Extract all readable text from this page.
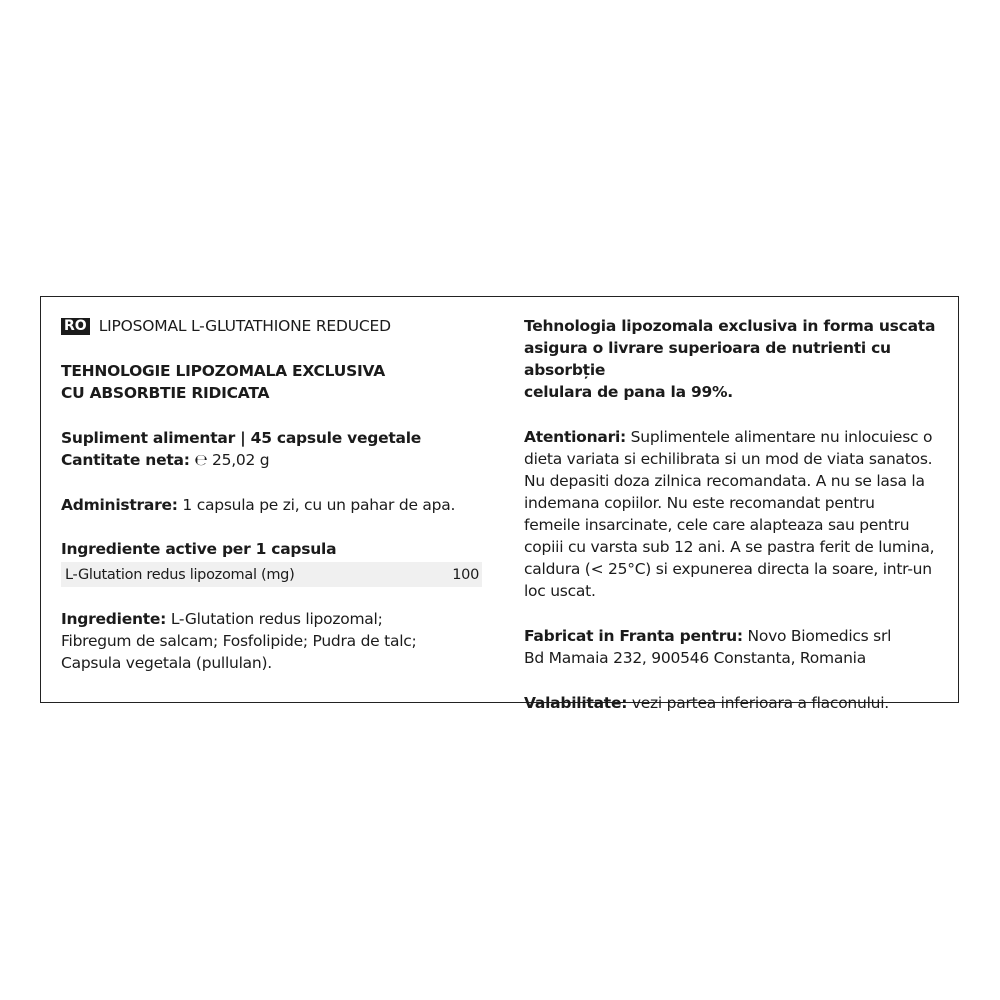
RO LIPOSOMAL L-GLUTATHIONE REDUCED
TEHNOLOGIE LIPOZOMALA EXCLUSIVA
CU ABSORBTIE RIDICATA
Supliment alimentar | 45 capsule vegetale
Cantitate neta: ℮ 25,02 g
Administrare: 1 capsula pe zi, cu un pahar de apa.
Ingrediente active per 1 capsula
L-Glutation redus lipozomal (mg)	100
Ingrediente: L-Glutation redus lipozomal;
Fibregum de salcam; Fosfolipide; Pudra de talc;
Capsula vegetala (pullulan).
Tehnologia lipozomala exclusiva in forma uscata
asigura o livrare superioara de nutrienti cu absorbție
celulara de pana la 99%.
Atentionari: Suplimentele alimentare nu inlocuiesc o
dieta variata si echilibrata si un mod de viata sanatos.
Nu depasiti doza zilnica recomandata. A nu se lasa la
indemana copiilor. Nu este recomandat pentru
femeile insarcinate, cele care alapteaza sau pentru
copiii cu varsta sub 12 ani. A se pastra ferit de lumina,
caldura (< 25°C) si expunerea directa la soare, intr-un
loc uscat.
Fabricat in Franta pentru: Novo Biomedics srl
Bd Mamaia 232, 900546 Constanta, Romania
Valabilitate: vezi partea inferioara a flaconului.
